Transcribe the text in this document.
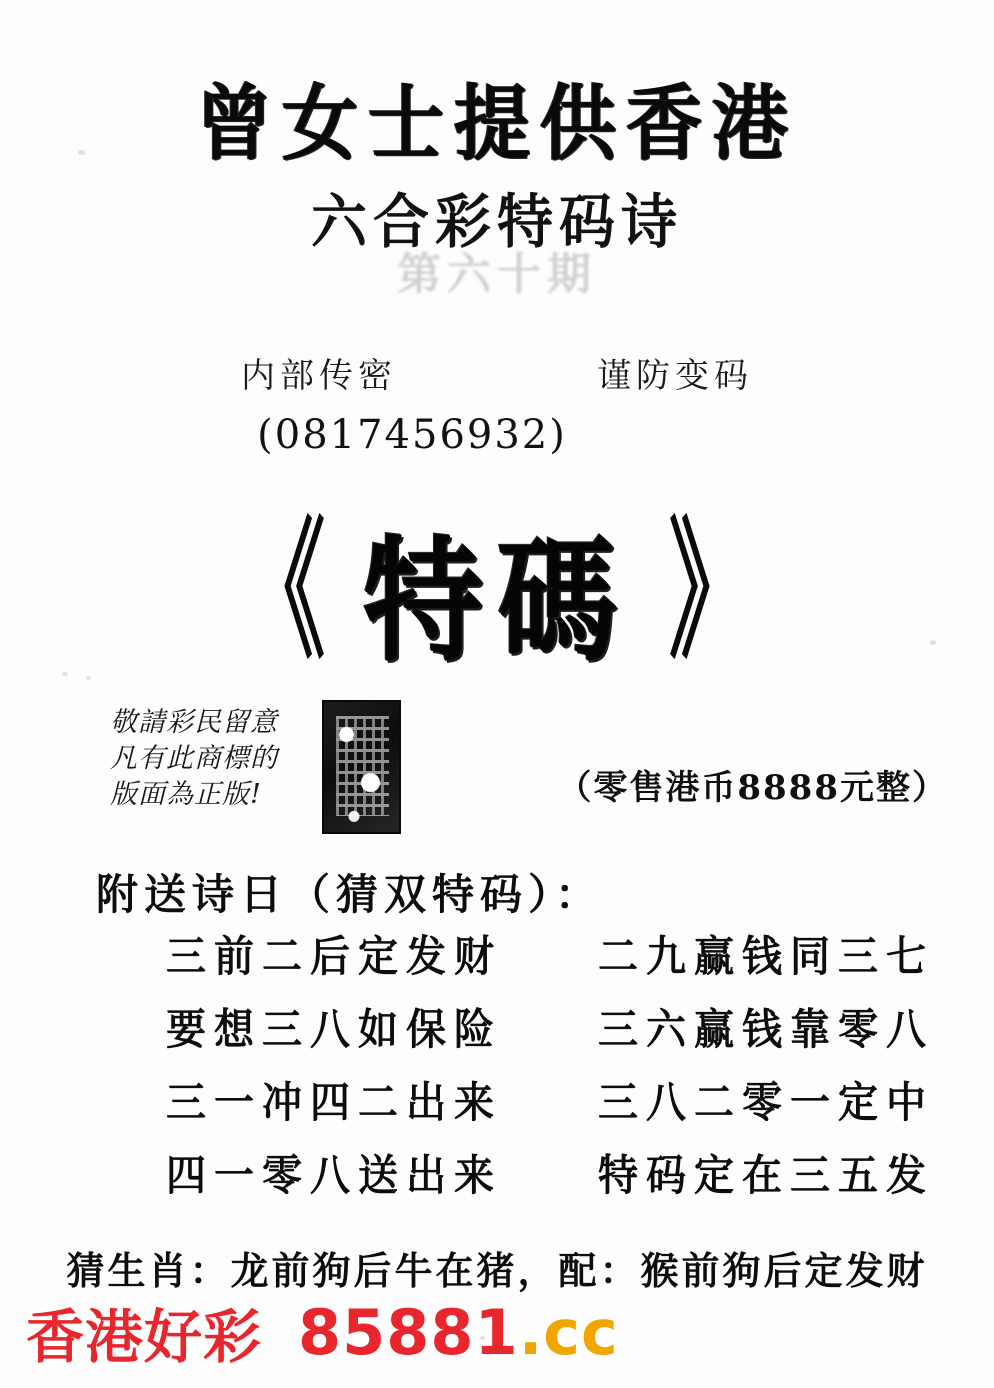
曾女士提供香港
六合彩特码诗
第六十期
内部传密	谨防变码
(0817456932)
《 特碼 》
敬請彩民留意
凡有此商標的
版面為正版!	（零售港币8888元整）
附送诗日（猜双特码）：
三前二后定发财	二九赢钱同三七
要想三八如保险	三六赢钱靠零八
三一冲四二出来	三八二零一定中
四一零八送出来	特码定在三五发
猜生肖：龙前狗后牛在猪，配：猴前狗后定发财
香港好彩 85881.cc
